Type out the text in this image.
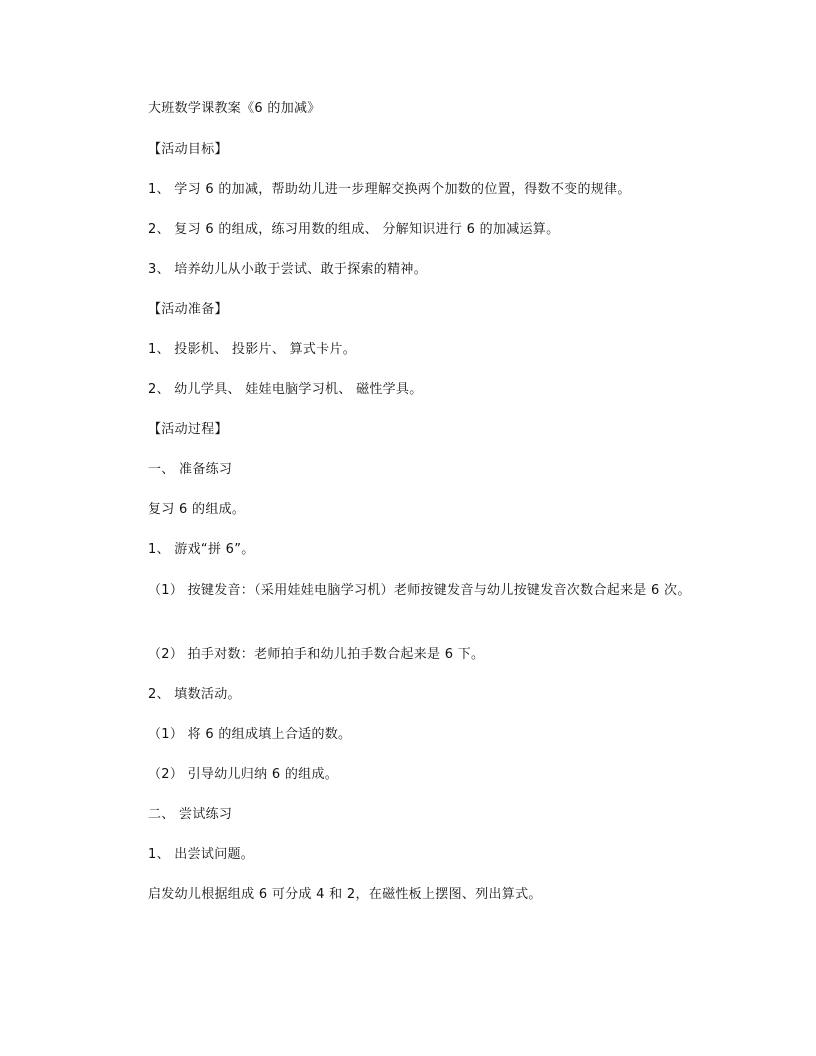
大班数学课教案《6 的加减》
【活动目标】
1、 学习 6 的加减，帮助幼儿进一步理解交换两个加数的位置，得数不变的规律。
2、 复习 6 的组成，练习用数的组成、 分解知识进行 6 的加减运算。
3、 培养幼儿从小敢于尝试、敢于探索的精神。
【活动准备】
1、 投影机、 投影片、 算式卡片。
2、 幼儿学具、 娃娃电脑学习机、 磁性学具。
【活动过程】
一、 准备练习
复习 6 的组成。
1、 游戏“拼 6”。
（1） 按键发音：（采用娃娃电脑学习机）老师按键发音与幼儿按键发音次数合起来是 6 次。
（2） 拍手对数：老师拍手和幼儿拍手数合起来是 6 下。
2、 填数活动。
（1） 将 6 的组成填上合适的数。
（2） 引导幼儿归纳 6 的组成。
二、 尝试练习
1、 出尝试问题。
启发幼儿根据组成 6 可分成 4 和 2，在磁性板上摆图、列出算式。
